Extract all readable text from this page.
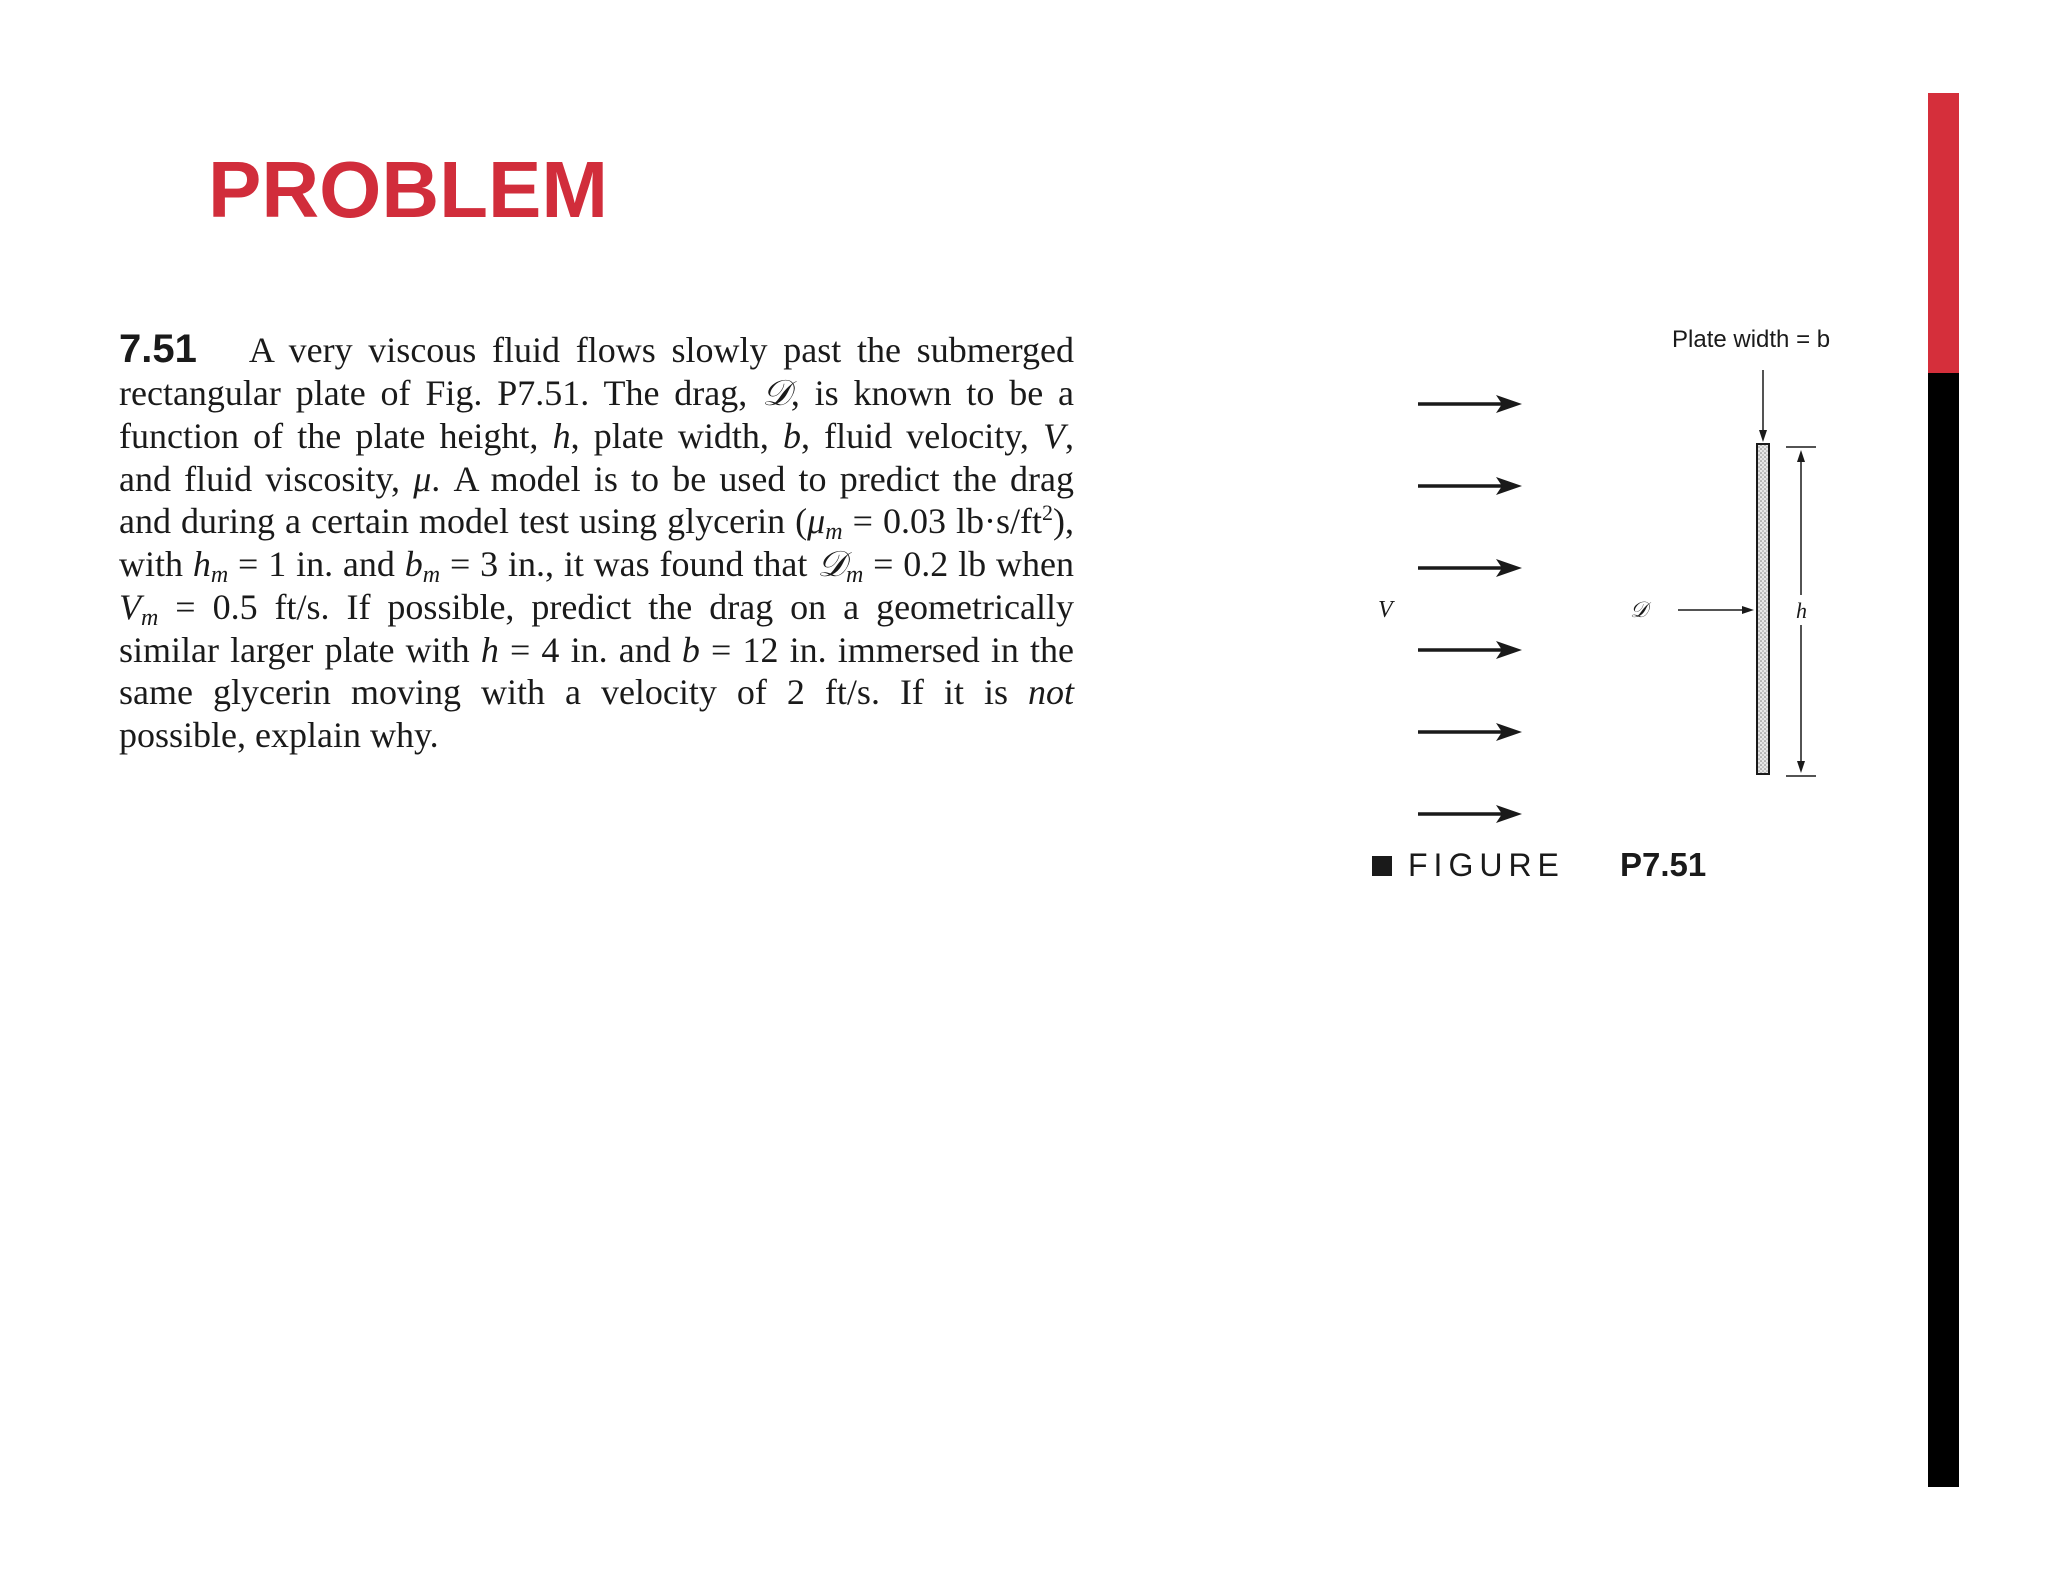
PROBLEM

7.51 A very viscous fluid flows slowly past the submerged rectangular plate of Fig. P7.51. The drag, 𝒟, is known to be a function of the plate height, h, plate width, b, fluid velocity, V, and fluid viscosity, μ. A model is to be used to predict the drag and during a certain model test using glycerin ($\mu_m = 0.03$ $lb\cdot s/ft^2$), with $h_m = 1$ in. and $b_m = 3$ in., it was found that 𝒟$_m$ = 0.2 lb when $V_m = 0.5$ ft/s. If possible, predict the drag on a geometrically similar larger plate with h = 4 in. and b = 12 in. immersed in the same glycerin moving with a velocity of 2 ft/s. If it is not possible, explain why.

V
Plate width = b
𝒟	h
FIGURE P7.51
